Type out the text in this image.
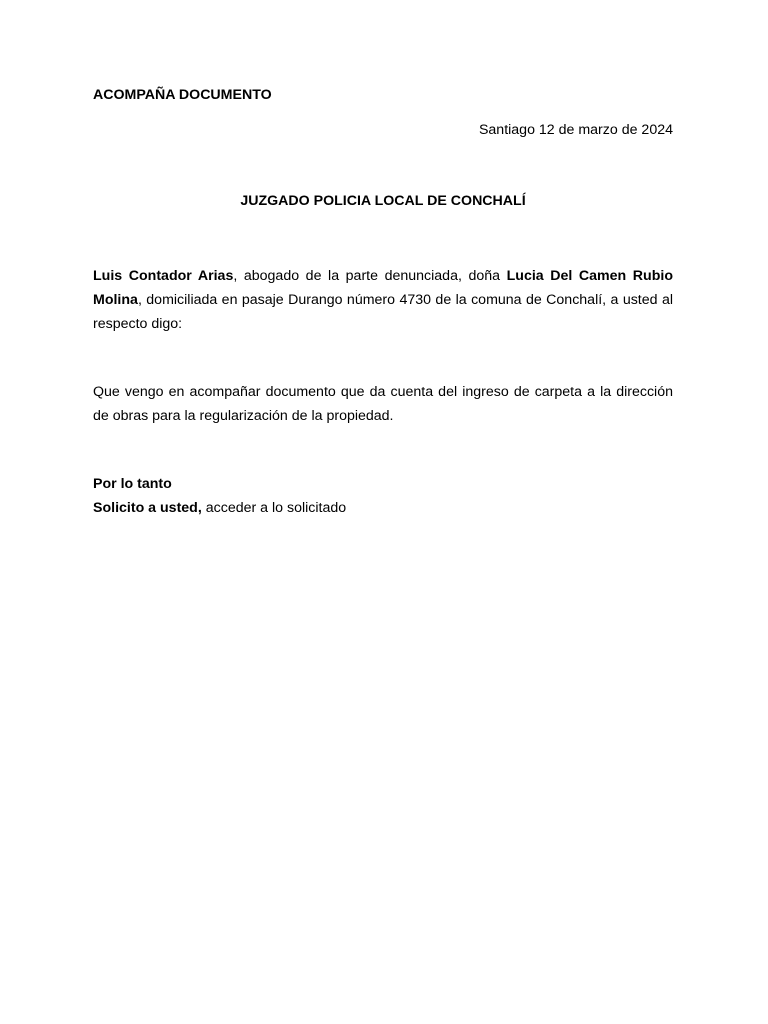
ACOMPAÑA DOCUMENTO

Santiago 12 de marzo de 2024

JUZGADO POLICIA LOCAL DE CONCHALÍ

Luis Contador Arias, abogado de la parte denunciada, doña Lucia Del Camen Rubio Molina, domiciliada en pasaje Durango número 4730 de la comuna de Conchalí, a usted al respecto digo:

Que vengo en acompañar documento que da cuenta del ingreso de carpeta a la dirección de obras para la regularización de la propiedad.

Por lo tanto
Solicito a usted, acceder a lo solicitado
